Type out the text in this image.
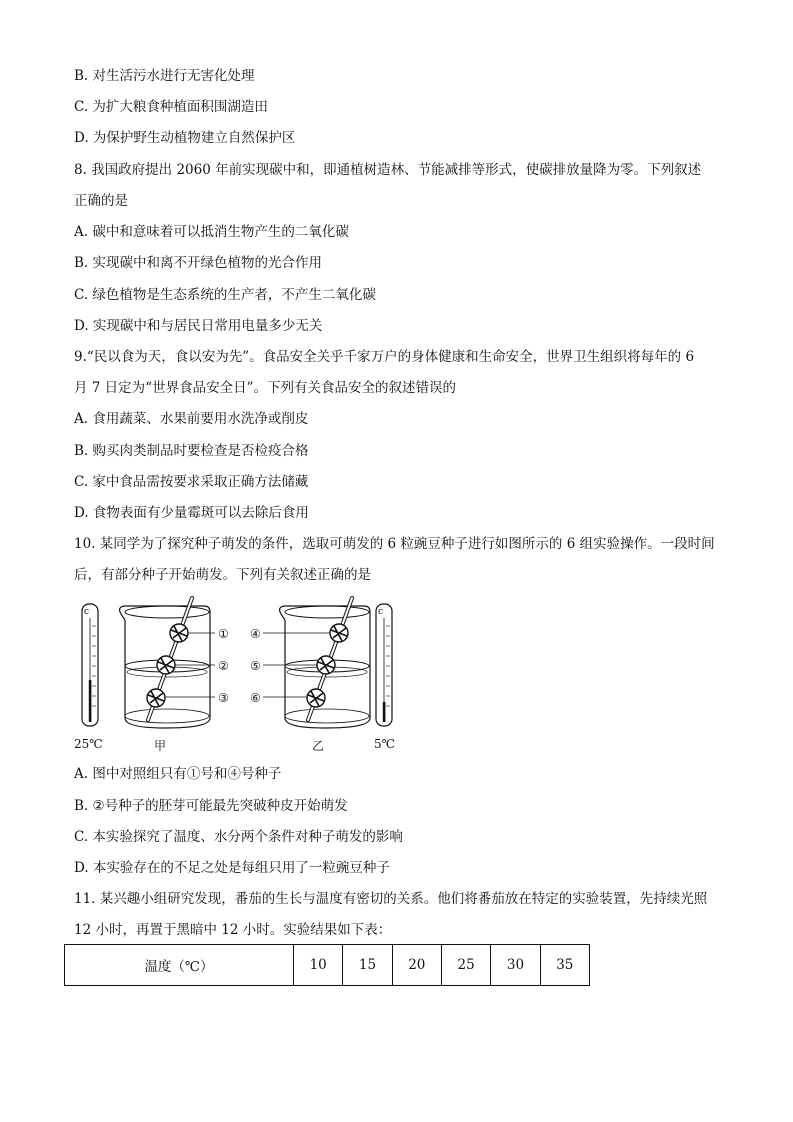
B. 对生活污水进行无害化处理
C. 为扩大粮食种植面积围湖造田
D. 为保护野生动植物建立自然保护区
8. 我国政府提出 2060 年前实现碳中和，即通植树造林、节能减排等形式，使碳排放量降为零。下列叙述
正确的是
A. 碳中和意味着可以抵消生物产生的二氧化碳
B. 实现碳中和离不开绿色植物的光合作用
C. 绿色植物是生态系统的生产者，不产生二氧化碳
D. 实现碳中和与居民日常用电量多少无关
9.“民以食为天，食以安为先”。食品安全关乎千家万户的身体健康和生命安全，世界卫生组织将每年的 6
月 7 日定为“世界食品安全日”。下列有关食品安全的叙述错误的
A. 食用蔬菜、水果前要用水洗净或削皮
B. 购买肉类制品时要检查是否检疫合格
C. 家中食品需按要求采取正确方法储藏
D. 食物表面有少量霉斑可以去除后食用
10. 某同学为了探究种子萌发的条件，选取可萌发的 6 粒豌豆种子进行如图所示的 6 组实验操作。一段时间
后，有部分种子开始萌发。下列有关叙述正确的是
c
25℃
①
②
③
甲
④
⑤
⑥
乙
c
5℃
A. 图中对照组只有①号和④号种子
B. ②号种子的胚芽可能最先突破种皮开始萌发
C. 本实验探究了温度、水分两个条件对种子萌发的影响
D. 本实验存在的不足之处是每组只用了一粒豌豆种子
11. 某兴趣小组研究发现，番茄的生长与温度有密切的关系。他们将番茄放在特定的实验装置，先持续光照
12 小时，再置于黑暗中 12 小时。实验结果如下表：
温度（℃）	10	15	20	25	30	35
